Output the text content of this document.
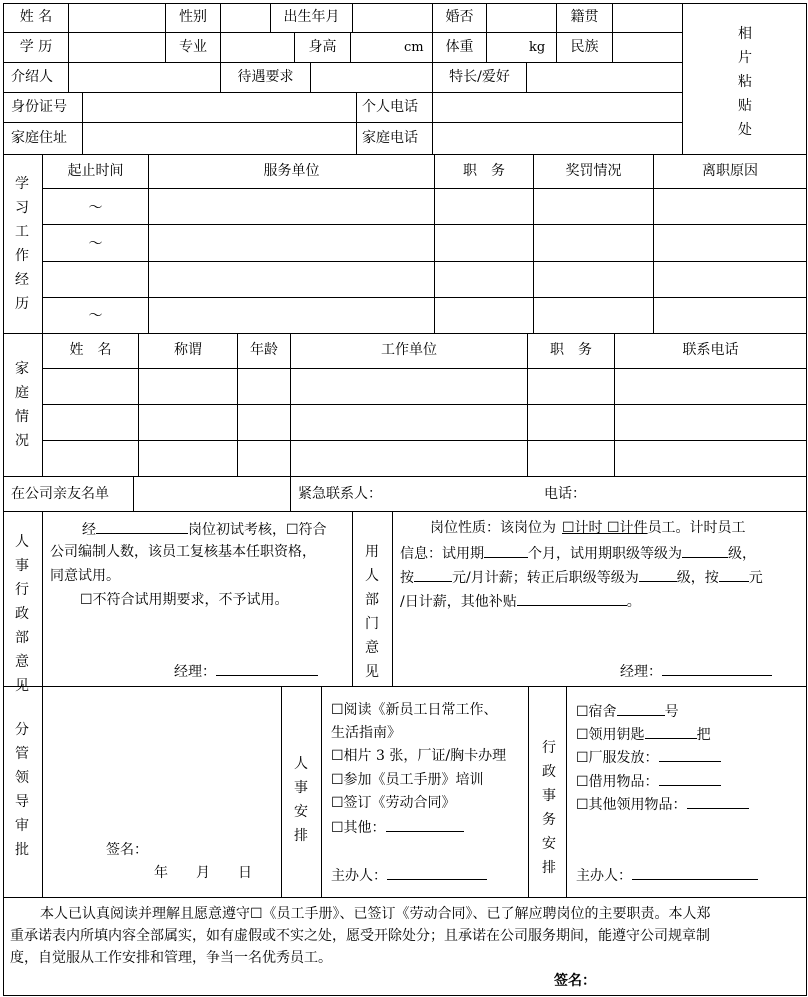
姓 名	性别	出生年月	婚否	籍贯
学 历	专业	身高	cm	体重	kg	民族
介绍人	待遇要求	特长/爱好
身份证号	个人电话
家庭住址	家庭电话
相片粘贴处
学习工作经历
起止时间	服务单位	职　务	奖罚情况	离职原因
～
～
～
家庭情况
姓　名	称谓	年龄	工作单位	职　务	联系电话
在公司亲友名单	紧急联系人：	电话：
人事行政部意见
经	岗位初试考核，☐符合
公司编制人数，该员工复核基本任职资格，
同意试用。
☐不符合试用期要求，不予试用。
经理：
用人部门意见
岗位性质：该岗位为 ☐计时 ☐计件员工。计时员工
信息：试用期	个月，试用期职级等级为	级，
按	元/月计薪；转正后职级等级为	级，按 元
/日计薪，其他补贴	。
经理：
分管领导审批	签名：
年　　月　　日
人事安排
☐阅读《新员工日常工作、
生活指南》
☐相片 3 张，厂证/胸卡办理
☐参加《员工手册》培训
☐签订《劳动合同》
☐其他：
主办人：
行政事务安排
☐宿舍	号
☐领用钥匙	把
☐厂服发放：
☐借用物品：
☐其他领用物品：
主办人：
本人已认真阅读并理解且愿意遵守☐《员工手册》、已签订《劳动合同》、已了解应聘岗位的主要职责。本人郑
重承诺表内所填内容全部属实，如有虚假或不实之处，愿受开除处分；且承诺在公司服务期间，能遵守公司规章制
度，自觉服从工作安排和管理，争当一名优秀员工。
签名：
